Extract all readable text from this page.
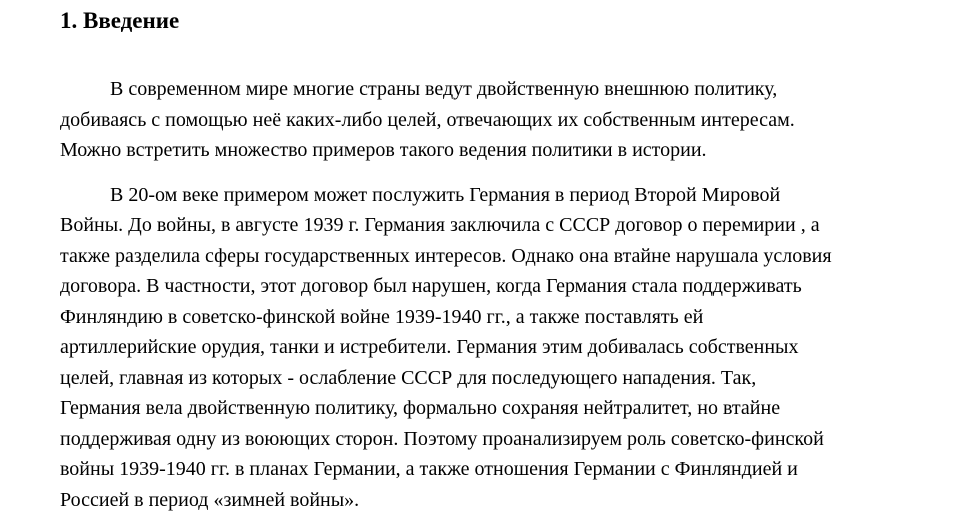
1. Введение

В современном мире многие страны ведут двойственную внешнюю политику,
добиваясь с помощью неё каких-либо целей, отвечающих их собственным интересам.
Можно встретить множество примеров такого ведения политики в истории.

В 20-ом веке примером может послужить Германия в период Второй Мировой
Войны. До войны, в августе 1939 г. Германия заключила с СССР договор о перемирии , а
также разделила сферы государственных интересов. Однако она втайне нарушала условия
договора. В частности, этот договор был нарушен, когда Германия стала поддерживать
Финляндию в советско-финской войне 1939-1940 гг., а также поставлять ей
артиллерийские орудия, танки и истребители. Германия этим добивалась собственных
целей, главная из которых - ослабление СССР для последующего нападения. Так,
Германия вела двойственную политику, формально сохраняя нейтралитет, но втайне
поддерживая одну из воюющих сторон. Поэтому проанализируем роль советско-финской
войны 1939-1940 гг. в планах Германии, а также отношения Германии с Финляндией и
Россией в период «зимней войны».
